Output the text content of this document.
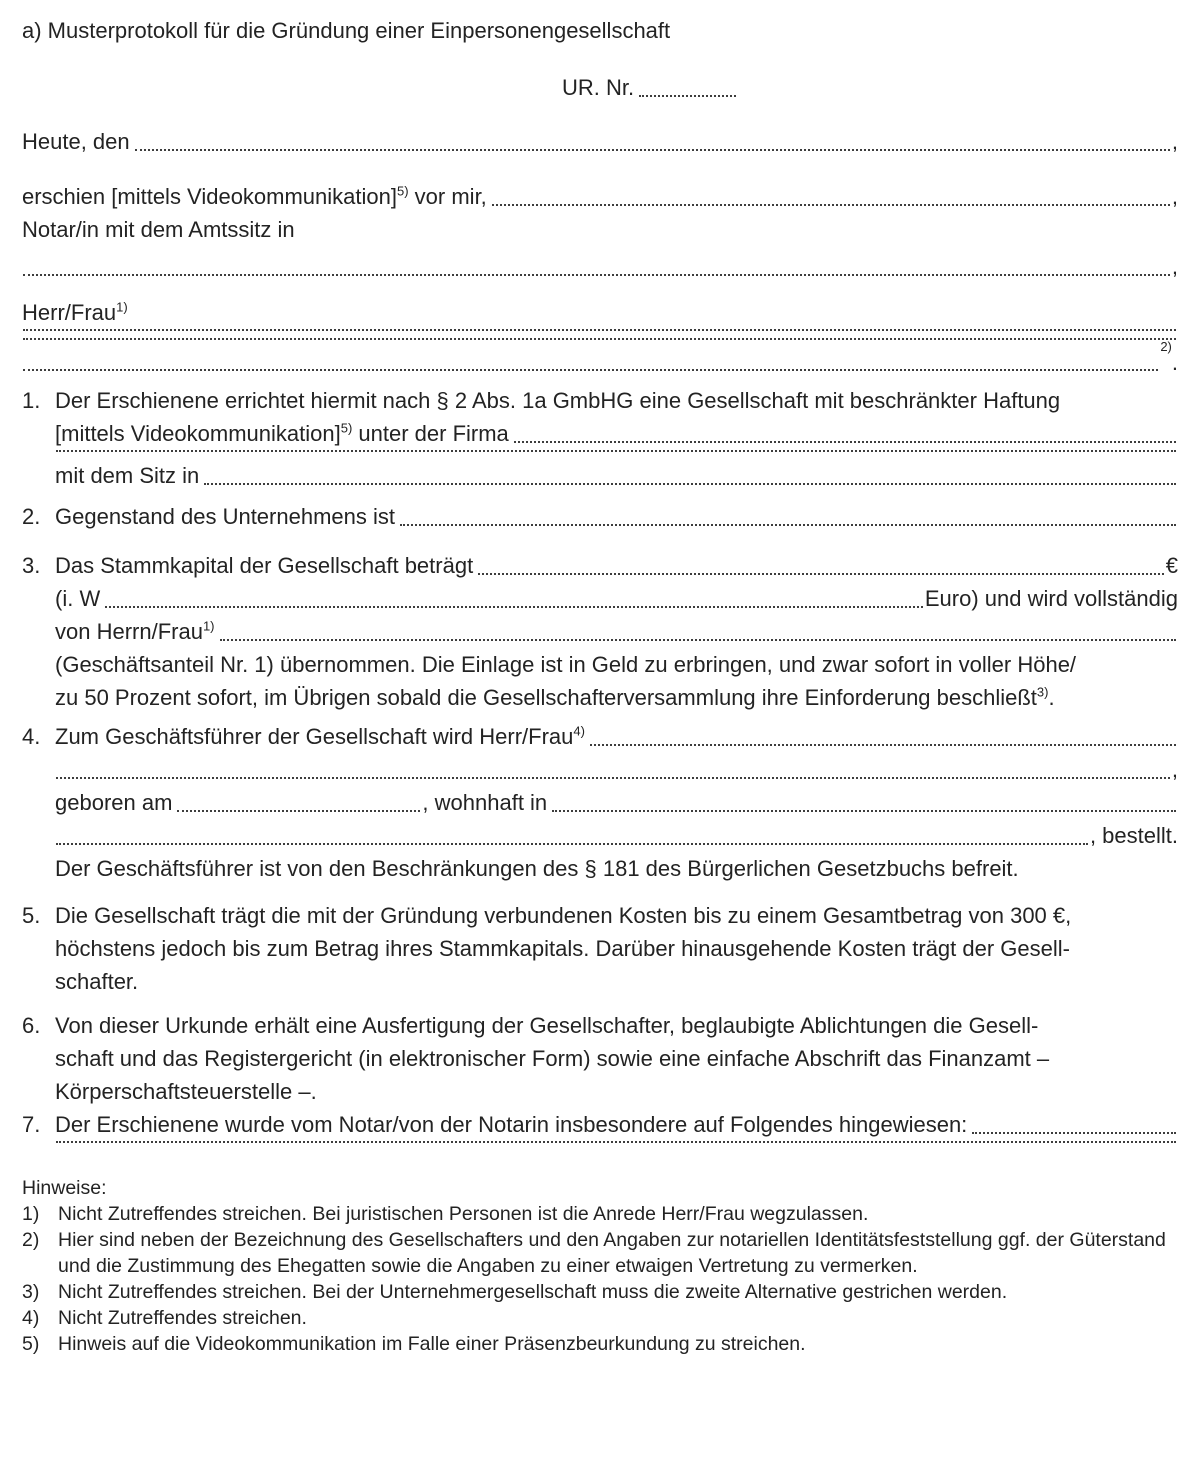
a) Musterprotokoll für die Gründung einer Einpersonengesellschaft
UR. Nr.
Heute, den	,
erschien [mittels Videokommunikation]$^{5)}$ vor mir,	,
Notar/in mit dem Amtssitz in
,
Herr/Frau$^{1)}$
2)
.
1. Der Erschienene errichtet hiermit nach § 2 Abs. 1a GmbHG eine Gesellschaft mit beschränkter Haftung
[mittels Videokommunikation]$^{5)}$ unter der Firma
mit dem Sitz in
2. Gegenstand des Unternehmens ist
3. Das Stammkapital der Gesellschaft beträgt	€
(i. W	Euro) und wird vollständig
von Herrn/Frau$^{1)}$
(Geschäftsanteil Nr. 1) übernommen. Die Einlage ist in Geld zu erbringen, und zwar sofort in voller Höhe/
zu 50 Prozent sofort, im Übrigen sobald die Gesellschafterversammlung ihre Einforderung beschließt$^{3)}$.
4. Zum Geschäftsführer der Gesellschaft wird Herr/Frau$^{4)}$
,
geboren am	, wohnhaft in
, bestellt.
Der Geschäftsführer ist von den Beschränkungen des § 181 des Bürgerlichen Gesetzbuchs befreit.
5. Die Gesellschaft trägt die mit der Gründung verbundenen Kosten bis zu einem Gesamtbetrag von 300 €,
höchstens jedoch bis zum Betrag ihres Stammkapitals. Darüber hinausgehende Kosten trägt der Gesell-
schafter.
6. Von dieser Urkunde erhält eine Ausfertigung der Gesellschafter, beglaubigte Ablichtungen die Gesell-
schaft und das Registergericht (in elektronischer Form) sowie eine einfache Abschrift das Finanzamt –
Körperschaftsteuerstelle –.
7. Der Erschienene wurde vom Notar/von der Notarin insbesondere auf Folgendes hingewiesen:
Hinweise:
1) Nicht Zutreffendes streichen. Bei juristischen Personen ist die Anrede Herr/Frau wegzulassen.
2) Hier sind neben der Bezeichnung des Gesellschafters und den Angaben zur notariellen Identitätsfeststellung ggf. der Güterstand und die Zustimmung des Ehegatten sowie die Angaben zu einer etwaigen Vertretung zu vermerken.
3) Nicht Zutreffendes streichen. Bei der Unternehmergesellschaft muss die zweite Alternative gestrichen werden.
4) Nicht Zutreffendes streichen.
5) Hinweis auf die Videokommunikation im Falle einer Präsenzbeurkundung zu streichen.
